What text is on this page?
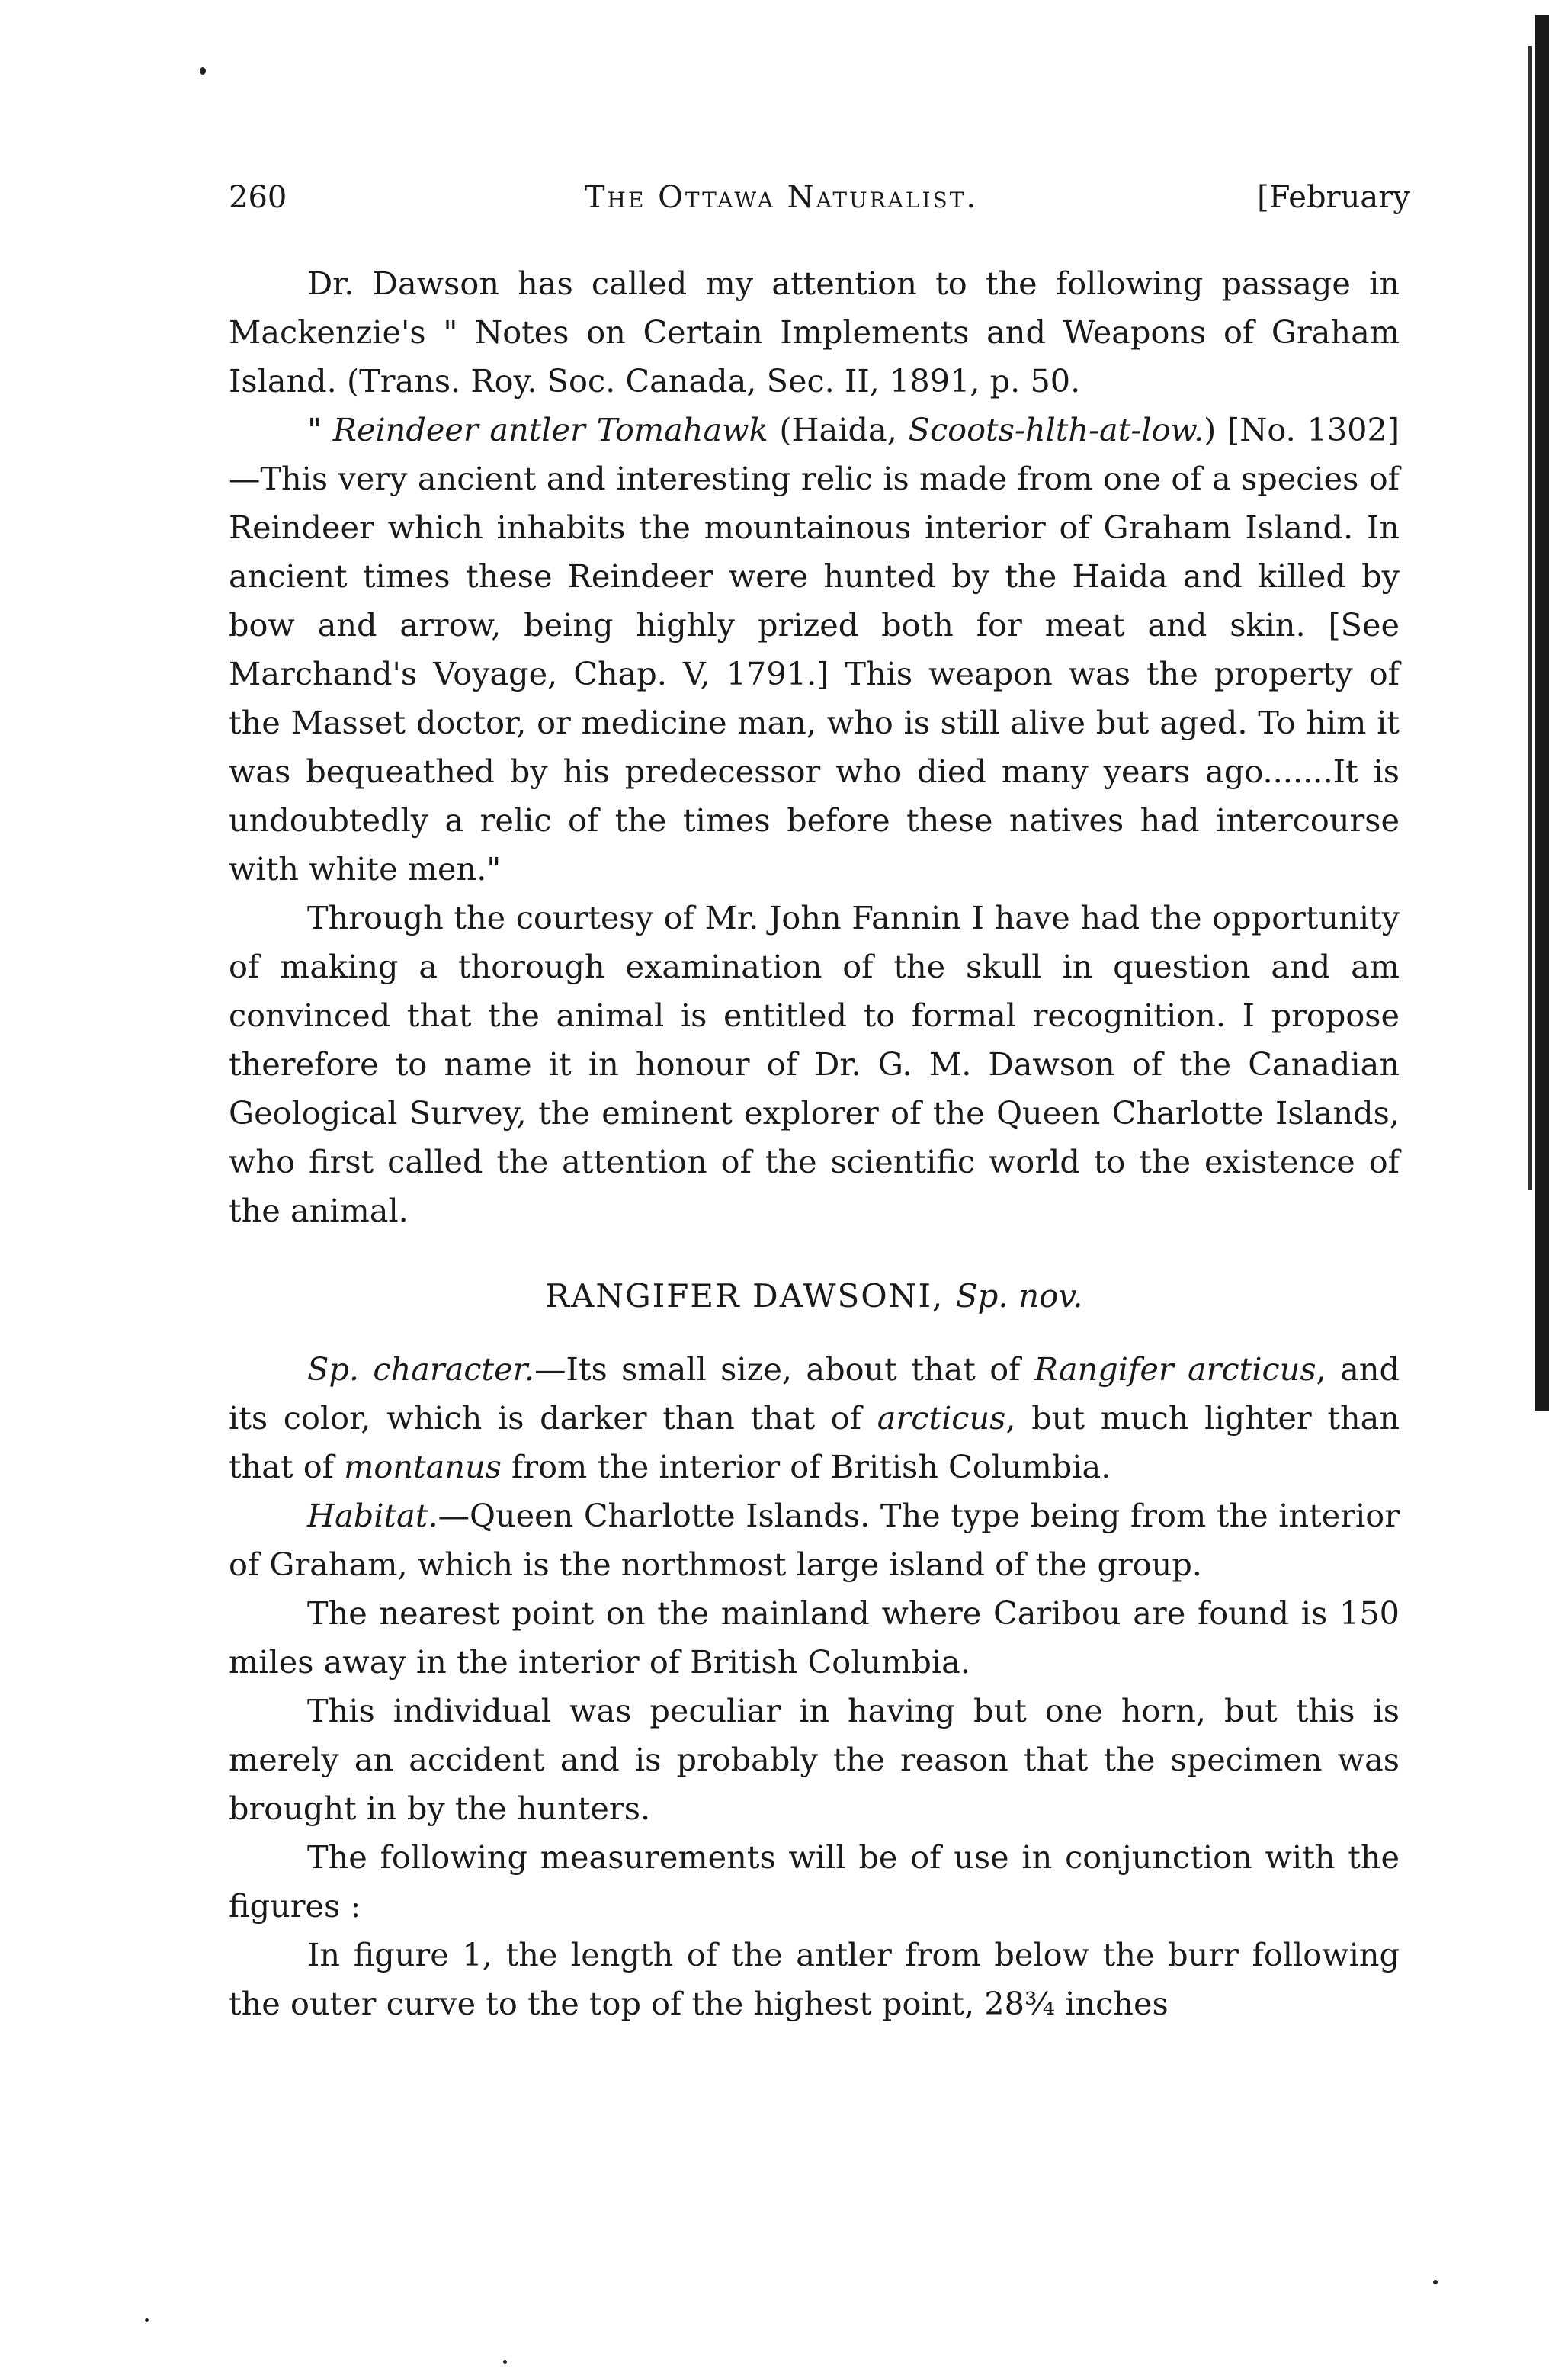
260	The Ottawa Naturalist.	[February

Dr. Dawson has called my attention to the following passage in Mackenzie's " Notes on Certain Implements and Weapons of Graham Island. (Trans. Roy. Soc. Canada, Sec. II, 1891, p. 50.

" Reindeer antler Tomahawk (Haida, Scoots-hlth-at-low.) [No. 1302]—This very ancient and interesting relic is made from one of a species of Reindeer which inhabits the mountainous interior of Graham Island. In ancient times these Reindeer were hunted by the Haida and killed by bow and arrow, being highly prized both for meat and skin. [See Marchand's Voyage, Chap. V, 1791.] This weapon was the property of the Masset doctor, or medicine man, who is still alive but aged. To him it was bequeathed by his predecessor who died many years ago.......It is undoubtedly a relic of the times before these natives had intercourse with white men."

Through the courtesy of Mr. John Fannin I have had the opportunity of making a thorough examination of the skull in question and am convinced that the animal is entitled to formal recognition. I propose therefore to name it in honour of Dr. G. M. Dawson of the Canadian Geological Survey, the eminent explorer of the Queen Charlotte Islands, who first called the attention of the scientific world to the existence of the animal.

RANGIFER DAWSONI, Sp. nov.

Sp. character.—Its small size, about that of Rangifer arcticus, and its color, which is darker than that of arcticus, but much lighter than that of montanus from the interior of British Columbia.

Habitat.—Queen Charlotte Islands. The type being from the interior of Graham, which is the northmost large island of the group.

The nearest point on the mainland where Caribou are found is 150 miles away in the interior of British Columbia.

This individual was peculiar in having but one horn, but this is merely an accident and is probably the reason that the specimen was brought in by the hunters.

The following measurements will be of use in conjunction with the figures :

In figure 1, the length of the antler from below the burr following the outer curve to the top of the highest point, 28¾ inches
